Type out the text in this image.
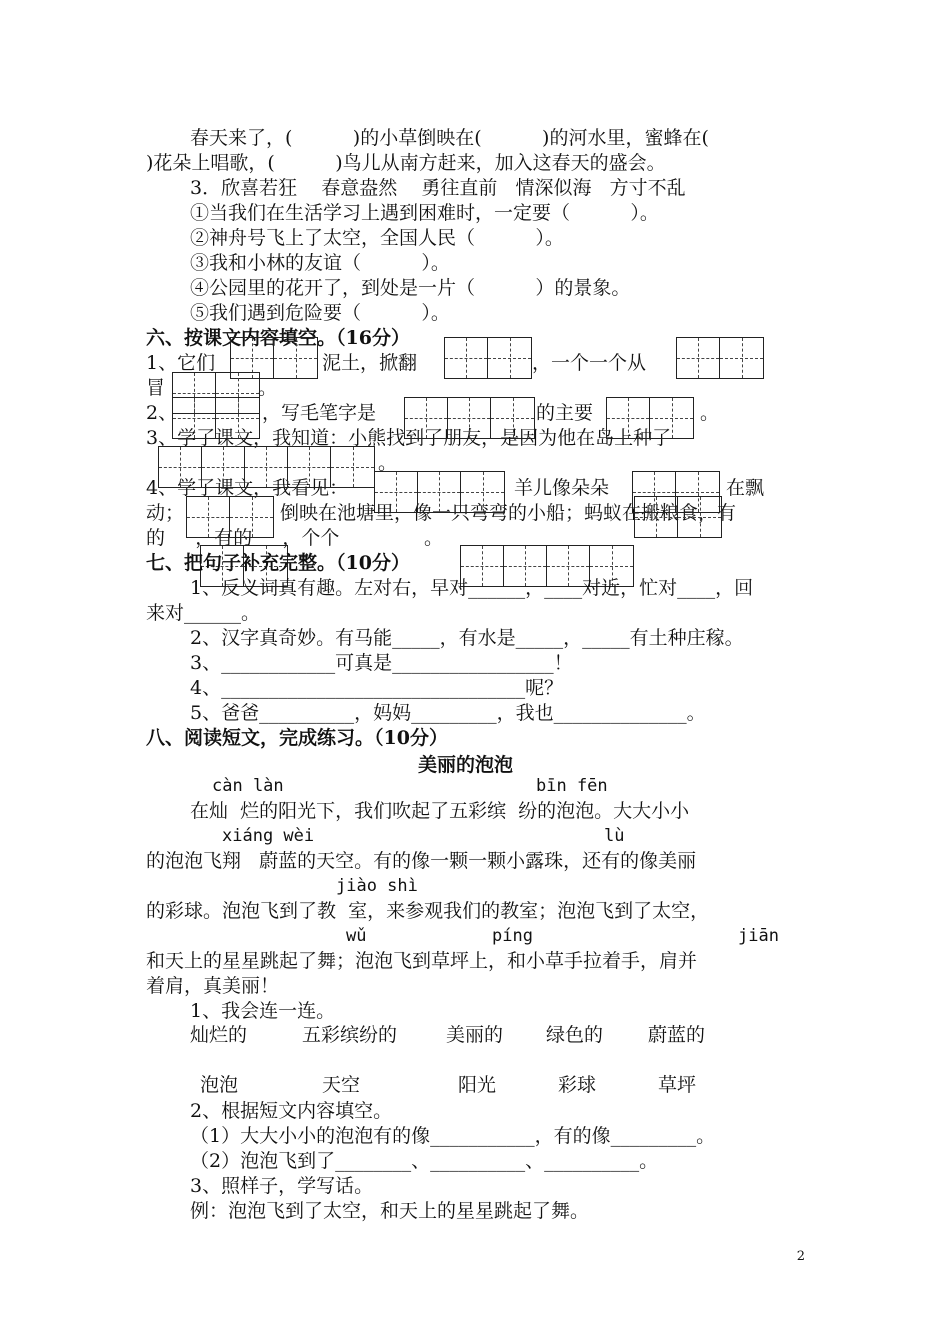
春天来了，(          )的小草倒映在(          )的河水里，蜜蜂在(
)花朵上唱歌，(          )鸟儿从南方赶来，加入这春天的盛会。
3．欣喜若狂    春意盎然    勇往直前   情深似海   方寸不乱
①当我们在生活学习上遇到困难时，一定要（          ）。
②神舟号飞上了太空，全国人民（          ）。
③我和小林的友谊（          ）。
④公园里的花开了，到处是一片（          ）的景象。
⑤我们遇到危险要（          ）。
六、按课文内容填空。（16分）
1、它们	泥土，掀翻	，一个一个从
冒	。
2、	，写毛笔字是	的主要	。
3、学了课文，我知道：小熊找到了朋友，是因为他在岛上种了
。
4、学了课文，我看见：	羊儿像朵朵	在飘
动；	倒映在池塘里，像一只弯弯的小船；蚂蚁在搬粮食，有
的     ，有的     ，个个              。
七、把句子补充完整。（10分）
1、反义词真有趣。左对右，早对______，____对近，忙对____，回
来对______。
2、汉字真奇妙。有马能_____，有水是_____，_____有土种庄稼。
3、____________可真是_________________！
4、________________________________呢？
5、爸爸__________，妈妈_________，我也______________。
八、阅读短文，完成练习。（10分）
美丽的泡泡
càn làn	bīn fēn
在灿  烂的阳光下，我们吹起了五彩缤  纷的泡泡。大大小小
xiáng wèi	lù
的泡泡飞翔   蔚蓝的天空。有的像一颗一颗小露珠，还有的像美丽
jiào shì
的彩球。泡泡飞到了教  室，来参观我们的教室；泡泡飞到了太空，
wǔ	píng	jiān
和天上的星星跳起了舞；泡泡飞到草坪上，和小草手拉着手，肩并
着肩，真美丽！
1、我会连一连。
灿烂的	五彩缤纷的	美丽的 绿色的 蔚蓝的
泡泡	天空	阳光	彩球	草坪
2、根据短文内容填空。
（1）大大小小的泡泡有的像___________，有的像_________。
（2）泡泡飞到了________、__________、__________。
3、照样子，学写话。
例：泡泡飞到了太空，和天上的星星跳起了舞。
2
